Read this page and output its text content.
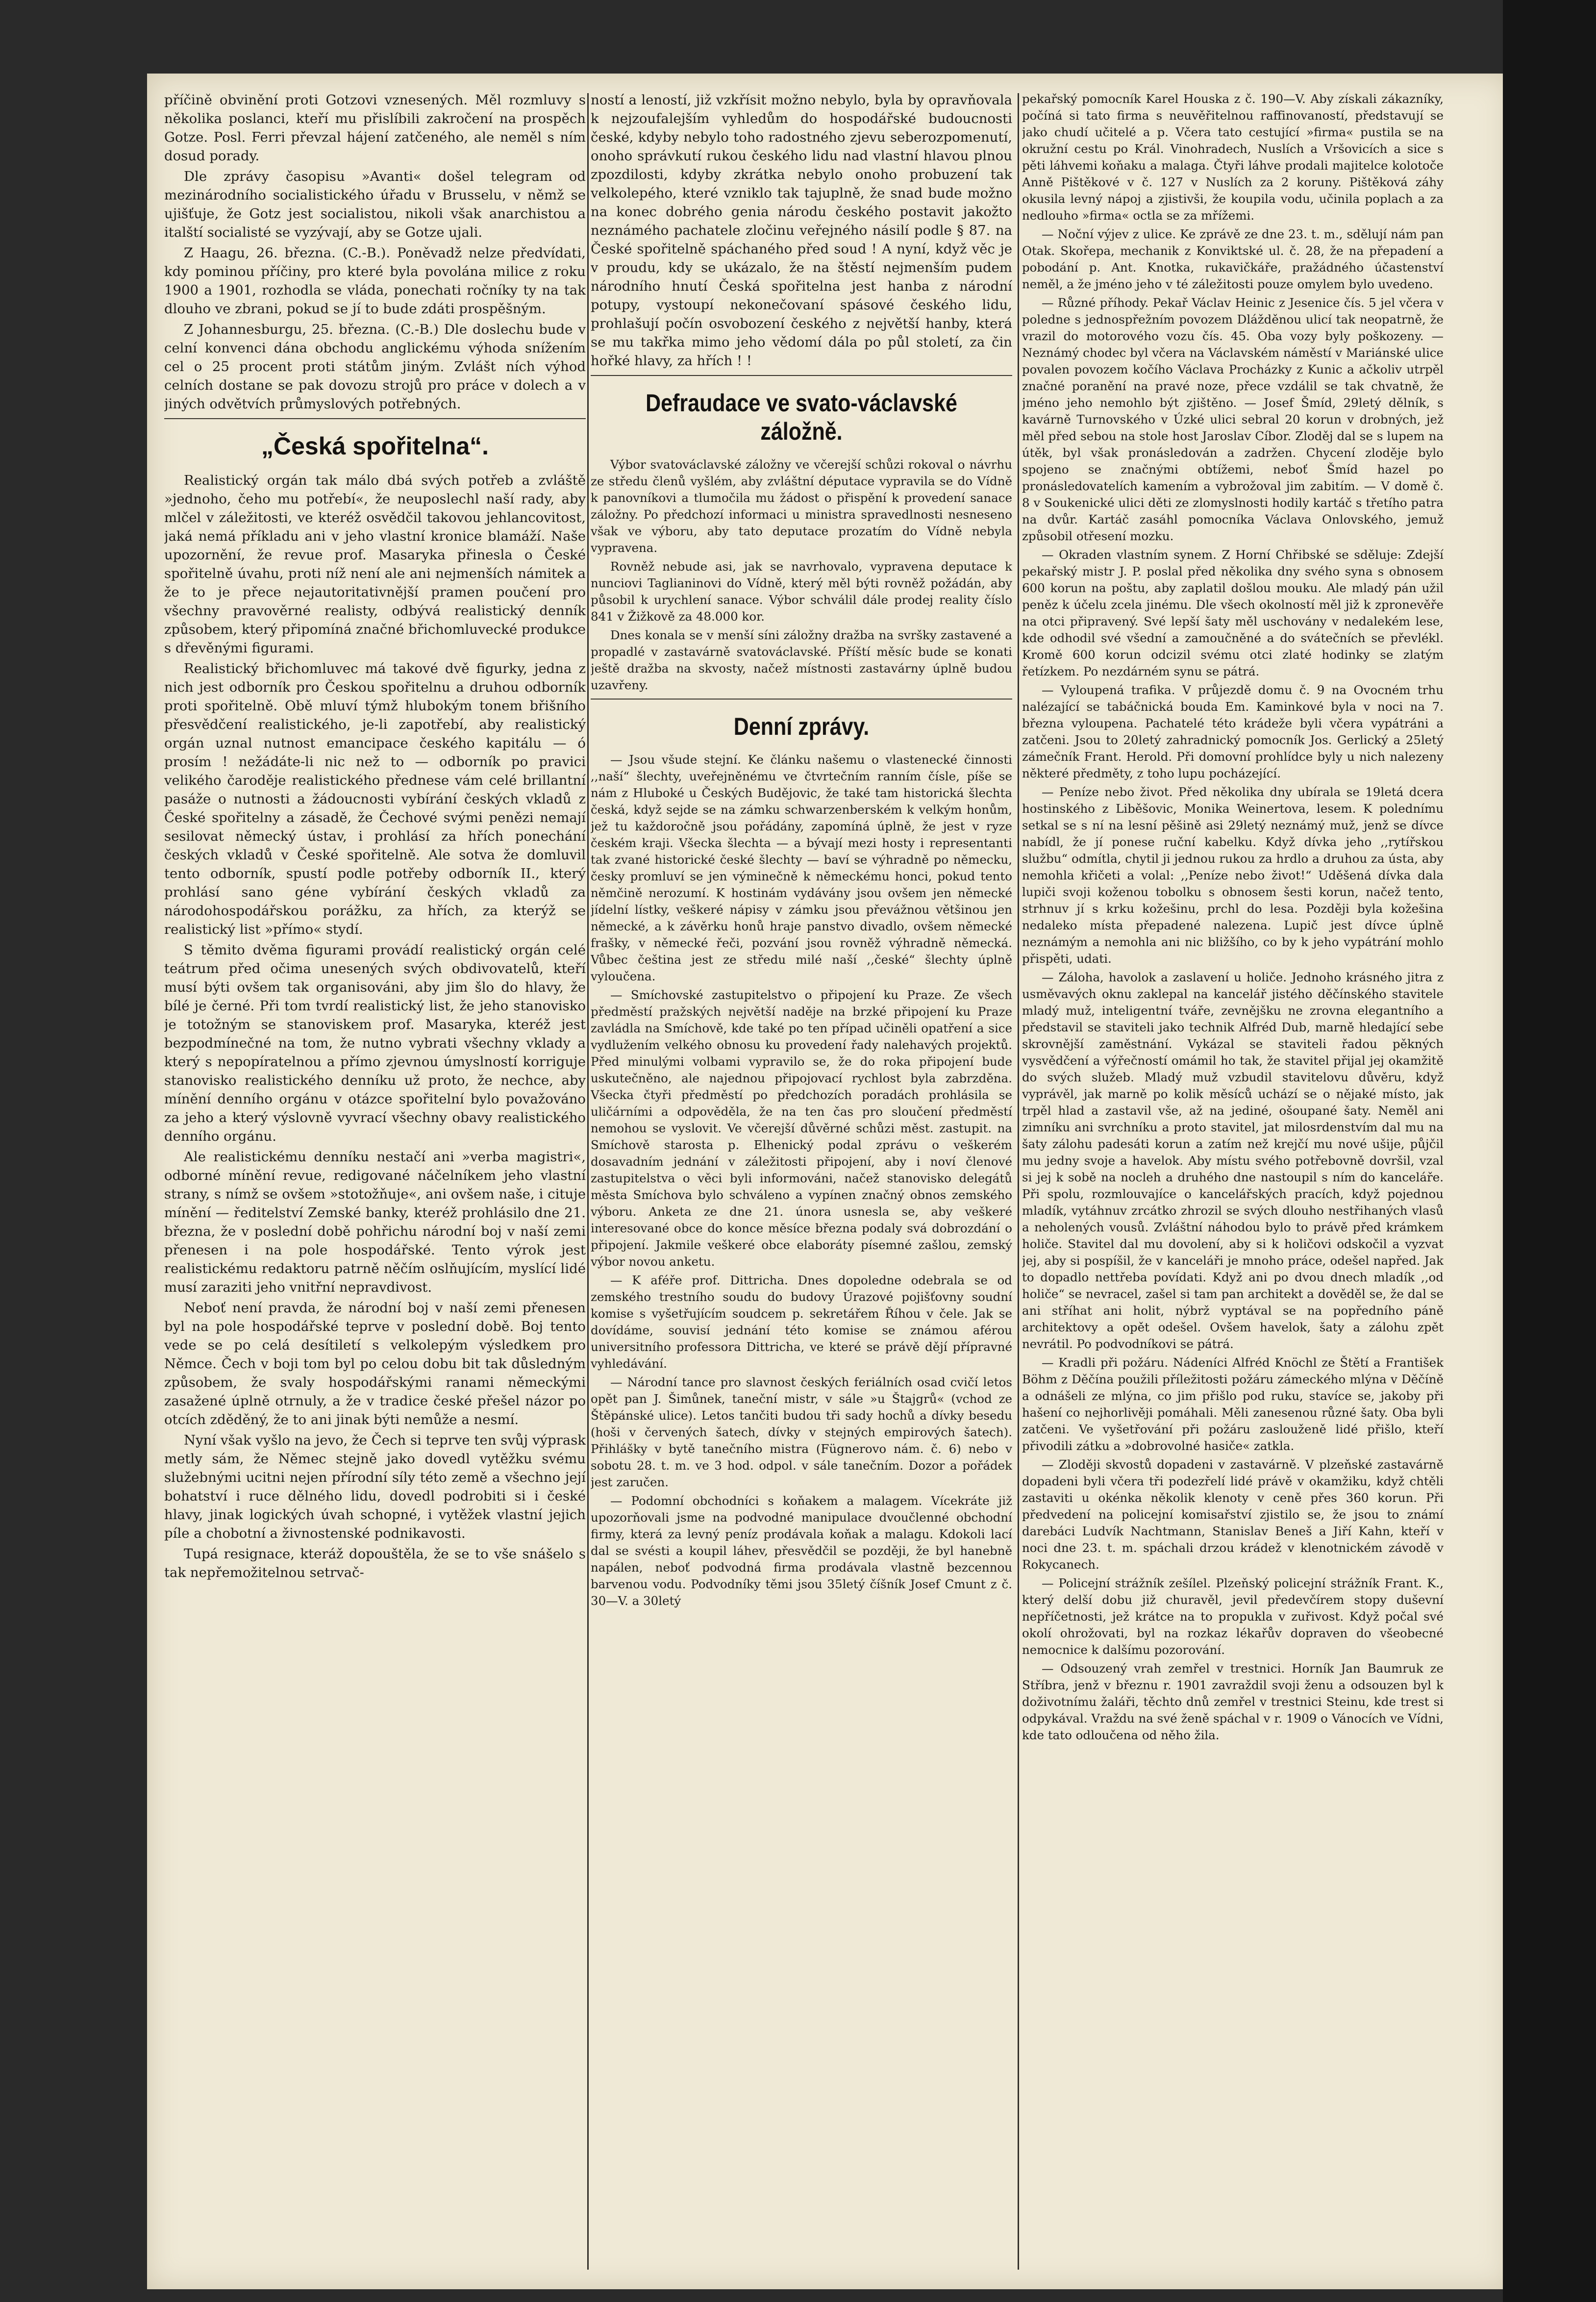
příčině obvinění proti Gotzovi vznesených. Měl rozmluvy s několika poslanci, kteří mu přislíbili zakročení na prospěch Gotze. Posl. Ferri převzal hájení zatčeného, ale neměl s ním dosud porady.

Dle zprávy časopisu »Avanti« došel telegram od mezinárodního socialistického úřadu v Brusselu, v němž se ujišťuje, že Gotz jest socialistou, nikoli však anarchistou a italští socialisté se vyzývají, aby se Gotze ujali.

Z Haagu, 26. března. (C.-B.). Poněvadž nelze předvídati, kdy pominou příčiny, pro které byla povolána milice z roku 1900 a 1901, rozhodla se vláda, ponechati ročníky ty na tak dlouho ve zbrani, pokud se jí to bude zdáti prospěšným.

Z Johannesburgu, 25. března. (C.-B.) Dle doslechu bude v celní konvenci dána obchodu anglickému výhoda snížením cel o 25 procent proti státům jiným. Zvlášt ních výhod celních dostane se pak dovozu strojů pro práce v dolech a v jiných odvětvích průmyslových potřebných.

„Česká spořitelna“.

Realistický orgán tak málo dbá svých potřeb a zvláště »jednoho, čeho mu potřebí«, že neuposlechl naší rady, aby mlčel v záležitosti, ve kteréž osvědčil takovou jehlancovitost, jaká nemá příkladu ani v jeho vlastní kronice blamáží. Naše upozornění, že revue prof. Masaryka přinesla o České spořitelně úvahu, proti níž není ale ani nejmenších námitek a že to je přece nejautoritativnější pramen poučení pro všechny pravověrné realisty, odbývá realistický denník způsobem, který připomíná značné břichomluvecké produkce s dřevěnými figurami.

Realistický břichomluvec má takové dvě figurky, jedna z nich jest odborník pro Českou spořitelnu a druhou odborník proti spořitelně. Obě mluví týmž hlubokým tonem břišního přesvědčení realistického, je-li zapotřebí, aby realistický orgán uznal nutnost emancipace českého kapitálu — ó prosím ! nežádáte-li nic než to — odborník po pravici velikého čaroděje realistického přednese vám celé brillantní pasáže o nutnosti a žádoucnosti vybírání českých vkladů z České spořitelny a zásadě, že Čechové svými penězi nemají sesilovat německý ústav, i prohlásí za hřích ponechání českých vkladů v České spořitelně. Ale sotva že domluvil tento odborník, spustí podle potřeby odborník II., který prohlásí sano géne vybírání českých vkladů za národohospodářskou porážku, za hřích, za kterýž se realistický list »přímo« stydí.

S těmito dvěma figurami provádí realistický orgán celé teátrum před očima unesených svých obdivovatelů, kteří musí býti ovšem tak organisováni, aby jim šlo do hlavy, že bílé je černé. Při tom tvrdí realistický list, že jeho stanovisko je totožným se stanoviskem prof. Masaryka, kteréž jest bezpodmínečné na tom, že nutno vybrati všechny vklady a který s nepopíratelnou a přímo zjevnou úmyslností korriguje stanovisko realistického denníku už proto, že nechce, aby mínění denního orgánu v otázce spořitelní bylo považováno za jeho a který výslovně vyvrací všechny obavy realistického denního orgánu.

Ale realistickému denníku nestačí ani »verba magistri«, odborné mínění revue, redigované náčelníkem jeho vlastní strany, s nímž se ovšem »stotožňuje«, ani ovšem naše, i cituje mínění — ředitelství Zemské banky, kteréž prohlásilo dne 21. března, že v poslední době pohřichu národní boj v naší zemi přenesen i na pole hospodářské. Tento výrok jest realistickému redaktoru patrně něčím oslňujícím, myslící lidé musí zaraziti jeho vnitřní nepravdivost.

Neboť není pravda, že národní boj v naší zemi přenesen byl na pole hospodářské teprve v poslední době. Boj tento vede se po celá desítiletí s velkolepým výsledkem pro Němce. Čech v boji tom byl po celou dobu bit tak důsledným způsobem, že svaly hospodářskými ranami německými zasažené úplně otrnuly, a že v tradice české přešel názor po otcích zděděný, že to ani jinak býti nemůže a nesmí.

Nyní však vyšlo na jevo, že Čech si teprve ten svůj výprask metly sám, že Němec stejně jako dovedl vytěžku svému služebnými ucitni nejen přírodní síly této země a všechno její bohatství i ruce dělného lidu, dovedl podrobiti si i české hlavy, jinak logických úvah schopné, i vytěžek vlastní jejich píle a chobotní a živnostenské podnikavosti.

Tupá resignace, kteráž dopouštěla, že se to vše snášelo s tak nepřemožitelnou setrvač-

ností a leností, již vzkřísit možno nebylo, byla by opravňovala k nejzoufalejším vyhledům do hospodářské budoucnosti české, kdyby nebylo toho radostného zjevu seberozpomenutí, onoho správkutí rukou českého lidu nad vlastní hlavou plnou zpozdilosti, kdyby zkrátka nebylo onoho probuzení tak velkolepého, které vzniklo tak tajuplně, že snad bude možno na konec dobrého genia národu českého postavit jakožto neznámého pachatele zločinu veřejného násilí podle § 87. na České spořitelně spáchaného před soud ! A nyní, když věc je v proudu, kdy se ukázalo, že na štěstí nejmenším pudem národního hnutí Česká spořitelna jest hanba z národní potupy, vystoupí nekonečovaní spásové českého lidu, prohlašují počín osvobození českého z největší hanby, která se mu takřka mimo jeho vědomí dála po půl století, za čin hořké hlavy, za hřích ! !

Defraudace ve svato-václavské záložně.

Výbor svatováclavské záložny ve včerejší schůzi rokoval o návrhu ze středu členů vyšlém, aby zvláštní députace vypravila se do Vídně k panovníkovi a tlumočila mu žádost o přispění k provedení sanace záložny. Po předchozí informaci u ministra spravedlnosti nesneseno však ve výboru, aby tato deputace prozatím do Vídně nebyla vypravena.

Rovněž nebude asi, jak se navrhovalo, vypravena deputace k nunciovi Taglianinovi do Vídně, který měl býti rovněž požádán, aby působil k urychlení sanace. Výbor schválil dále prodej reality číslo 841 v Žižkově za 48.000 kor.

Dnes konala se v menší síni záložny dražba na svršky zastavené a propadlé v zastavárně svatováclavské. Příští měsíc bude se konati ještě dražba na skvosty, načež místnosti zastavárny úplně budou uzavřeny.

Denní zprávy.

— Jsou všude stejní. Ke článku našemu o vlastenecké činnosti ,,naší“ šlechty, uveřejněnému ve čtvrtečním ranním čísle, píše se nám z Hluboké u Českých Budějovic, že také tam historická šlechta česká, když sejde se na zámku schwarzenberském k velkým honům, jež tu každoročně jsou pořádány, zapomíná úplně, že jest v ryze českém kraji. Všecka šlechta — a bývají mezi hosty i representanti tak zvané historické české šlechty — baví se výhradně po německu, česky promluví se jen výminečně k německému honci, pokud tento němčině nerozumí. K hostinám vydávány jsou ovšem jen německé jídelní lístky, veškeré nápisy v zámku jsou převážnou většinou jen německé, a k závěrku honů hraje panstvo divadlo, ovšem německé frašky, v německé řeči, pozvání jsou rovněž výhradně německá. Vůbec čeština jest ze středu milé naší ,,české“ šlechty úplně vyloučena.

— Smíchovské zastupitelstvo o připojení ku Praze. Ze všech předměstí pražských největší naděje na brzké připojení ku Praze zavládla na Smíchově, kde také po ten případ učiněli opatření a sice vydlužením velkého obnosu ku provedení řady nalehavých projektů. Před minulými volbami vypravilo se, že do roka připojení bude uskutečněno, ale najednou připojovací rychlost byla zabrzděna. Všecka čtyři předměstí po předchozích poradách prohlásila se uličárními a odpověděla, že na ten čas pro sloučení předměstí nemohou se vyslovit. Ve včerejší důvěrné schůzi měst. zastupit. na Smíchově starosta p. Elhenický podal zprávu o veškerém dosavadním jednání v záležitosti připojení, aby i noví členové zastupitelstva o věci byli informováni, načež stanovisko delegátů města Smíchova bylo schváleno a vypínen značný obnos zemského výboru. Anketa ze dne 21. února usnesla se, aby veškeré interesované obce do konce měsíce března podaly svá dobrozdání o připojení. Jakmile veškeré obce elaboráty písemné zašlou, zemský výbor novou anketu.

— K aféře prof. Dittricha. Dnes dopoledne odebrala se od zemského trestního soudu do budovy Úrazové pojišťovny soudní komise s vyšetřujícím soudcem p. sekretářem Říhou v čele. Jak se dovídáme, souvisí jednání této komise se známou aférou universitního professora Dittricha, ve které se právě dějí přípravné vyhledávání.

— Národní tance pro slavnost českých feriálních osad cvičí letos opět pan J. Šimůnek, taneční mistr, v sále »u Štajgrů« (vchod ze Štěpánské ulice). Letos tančiti budou tři sady hochů a dívky besedu (hoši v červených šatech, dívky v stejných empirových šatech). Přihlášky v bytě tanečního mistra (Fügnerovo nám. č. 6) nebo v sobotu 28. t. m. ve 3 hod. odpol. v sále tanečním. Dozor a pořádek jest zaručen.

— Podomní obchodníci s koňakem a malagem. Vícekráte již upozorňovali jsme na podvodné manipulace dvoučlenné obchodní firmy, která za levný peníz prodávala koňak a malagu. Kdokoli lací dal se svésti a koupil láhev, přesvědčil se později, že byl hanebně napálen, neboť podvodná firma prodávala vlastně bezcennou barvenou vodu. Podvodníky těmi jsou 35letý číšník Josef Cmunt z č. 30—V. a 30letý

pekařský pomocník Karel Houska z č. 190—V. Aby získali zákazníky, počíná si tato firma s neuvěřitelnou raffinovaností, představují se jako chudí učitelé a p. Včera tato cestující »firma« pustila se na okružní cestu po Král. Vinohradech, Nuslích a Vršovicích a sice s pěti láhvemi koňaku a malaga. Čtyři láhve prodali majitelce kolotoče Anně Pištěkové v č. 127 v Nuslích za 2 koruny. Pištěková záhy okusila levný nápoj a zjistivši, že koupila vodu, učinila poplach a za nedlouho »firma« octla se za mřížemi.

— Noční výjev z ulice. Ke zprávě ze dne 23. t. m., sdělují nám pan Otak. Skořepa, mechanik z Konviktské ul. č. 28, že na přepadení a pobodání p. Ant. Knotka, rukavičkáře, pražádného účastenství neměl, a že jméno jeho v té záležitosti pouze omylem bylo uvedeno.

— Různé příhody. Pekař Václav Heinic z Jesenice čís. 5 jel včera v poledne s jednospřežním povozem Dlážděnou ulicí tak neopatrně, že vrazil do motorového vozu čís. 45. Oba vozy byly poškozeny. — Neznámý chodec byl včera na Václavském náměstí v Mariánské ulice povalen povozem kočího Václava Procházky z Kunic a ačkoliv utrpěl značné poranění na pravé noze, přece vzdálil se tak chvatně, že jméno jeho nemohlo být zjištěno. — Josef Šmíd, 29letý dělník, s kavárně Turnovského v Úzké ulici sebral 20 korun v drobných, jež měl před sebou na stole host Jaroslav Cíbor. Zloděj dal se s lupem na útěk, byl však pronásledován a zadržen. Chycení zloděje bylo spojeno se značnými obtížemi, neboť Šmíd hazel po pronásledovatelích kamením a vybrožoval jim zabitím. — V domě č. 8 v Soukenické ulici děti ze zlomyslnosti hodily kartáč s třetího patra na dvůr. Kartáč zasáhl pomocníka Václava Onlovského, jemuž způsobil otřesení mozku.

— Okraden vlastním synem. Z Horní Chřibské se sděluje: Zdejší pekařský mistr J. P. poslal před několika dny svého syna s obnosem 600 korun na poštu, aby zaplatil došlou mouku. Ale mladý pán užil peněz k účelu zcela jinému. Dle všech okolností měl již k zpronevěře na otci připravený. Své lepší šaty měl uschovány v nedalekém lese, kde odhodil své všední a zamoučněné a do svátečních se převlékl. Kromě 600 korun odcizil svému otci zlaté hodinky se zlatým řetízkem. Po nezdárném synu se pátrá.

— Vyloupená trafika. V průjezdě domu č. 9 na Ovocném trhu nalézající se tabáčnická bouda Em. Kaminkové byla v noci na 7. března vyloupena. Pachatelé této krádeže byli včera vypátráni a zatčeni. Jsou to 20letý zahradnický pomocník Jos. Gerlický a 25letý zámečník Frant. Herold. Při domovní prohlídce byly u nich nalezeny některé předměty, z toho lupu pocházející.

— Peníze nebo život. Před několika dny ubírala se 19letá dcera hostinského z Liběšovic, Monika Weinertova, lesem. K polednímu setkal se s ní na lesní pěšině asi 29letý neznámý muž, jenž se dívce nabídl, že jí ponese ruční kabelku. Když dívka jeho ,,rytířskou službu“ odmítla, chytil ji jednou rukou za hrdlo a druhou za ústa, aby nemohla křičeti a volal: ,,Peníze nebo život!“ Uděšená dívka dala lupiči svoji koženou tobolku s obnosem šesti korun, načež tento, strhnuv jí s krku kožešinu, prchl do lesa. Později byla kožešina nedaleko místa přepadené nalezena. Lupič jest dívce úplně neznámým a nemohla ani nic bližšího, co by k jeho vypátrání mohlo přispěti, udati.

— Záloha, havolok a zaslavení u holiče. Jednoho krásného jitra z usměvavých oknu zaklepal na kancelář jistého děčínského stavitele mladý muž, inteligentní tváře, zevnějšku ne zrovna elegantního a představil se staviteli jako technik Alfréd Dub, marně hledající sebe skrovnější zaměstnání. Vykázal se staviteli řadou pěkných vysvědčení a výřečností omámil ho tak, že stavitel přijal jej okamžitě do svých služeb. Mladý muž vzbudil stavitelovu důvěru, když vyprávěl, jak marně po kolik měsíců uchází se o nějaké místo, jak trpěl hlad a zastavil vše, až na jediné, ošoupané šaty. Neměl ani zimníku ani svrchníku a proto stavitel, jat milosrdenstvím dal mu na šaty zálohu padesáti korun a zatím než krejčí mu nové ušije, půjčil mu jedny svoje a havelok. Aby místu svého potřebovně dovršil, vzal si jej k sobě na nocleh a druhého dne nastoupil s ním do kanceláře. Při spolu, rozmlouvajíce o kancelářských pracích, když pojednou mladík, vytáhnuv zrcátko zhrozil se svých dlouho nestřihaných vlasů a neholených vousů. Zvláštní náhodou bylo to právě před krámkem holiče. Stavitel dal mu dovolení, aby si k holičovi odskočil a vyzvat jej, aby si pospíšil, že v kanceláři je mnoho práce, odešel napřed. Jak to dopadlo nettřeba povídati. Když ani po dvou dnech mladík ,,od holiče“ se nevracel, zašel si tam pan architekt a dověděl se, že dal se ani stříhat ani holit, nýbrž vyptával se na popředního páně architektovy a opět odešel. Ovšem havelok, šaty a zálohu zpět nevrátil. Po podvodníkovi se pátrá.

— Kradli při požáru. Nádeníci Alfréd Knöchl ze Štětí a František Böhm z Děčína použili příležitosti požáru zámeckého mlýna v Děčíně a odnášeli ze mlýna, co jim přišlo pod ruku, stavíce se, jakoby při hašení co nejhorlivěji pomáhali. Měli zanesenou různé šaty. Oba byli zatčeni. Ve vyšetřování při požáru zaslouženě lidé přišlo, kteří přivodili zátku a »dobrovolné hasiče« zatkla.

— Zloději skvostů dopadeni v zastavárně. V plzeňské zastavárně dopadeni byli včera tři podezřelí lidé právě v okamžiku, když chtěli zastaviti u okénka několik klenoty v ceně přes 360 korun. Při předvedení na policejní komisařství zjistilo se, že jsou to známí darebáci Ludvík Nachtmann, Stanislav Beneš a Jiří Kahn, kteří v noci dne 23. t. m. spáchali drzou krádež v klenotnickém závodě v Rokycanech.

— Policejní strážník zešílel. Plzeňský policejní strážník Frant. K., který delší dobu již churavěl, jevil předevčírem stopy duševní nepříčetnosti, jež krátce na to propukla v zuřivost. Když počal své okolí ohrožovati, byl na rozkaz lékařův dopraven do všeobecné nemocnice k dalšímu pozorování.

— Odsouzený vrah zemřel v trestnici. Horník Jan Baumruk ze Stříbra, jenž v březnu r. 1901 zavraždil svoji ženu a odsouzen byl k doživotnímu žaláři, těchto dnů zemřel v trestnici Steinu, kde trest si odpykával. Vraždu na své ženě spáchal v r. 1909 o Vánocích ve Vídni, kde tato odloučena od něho žila.
